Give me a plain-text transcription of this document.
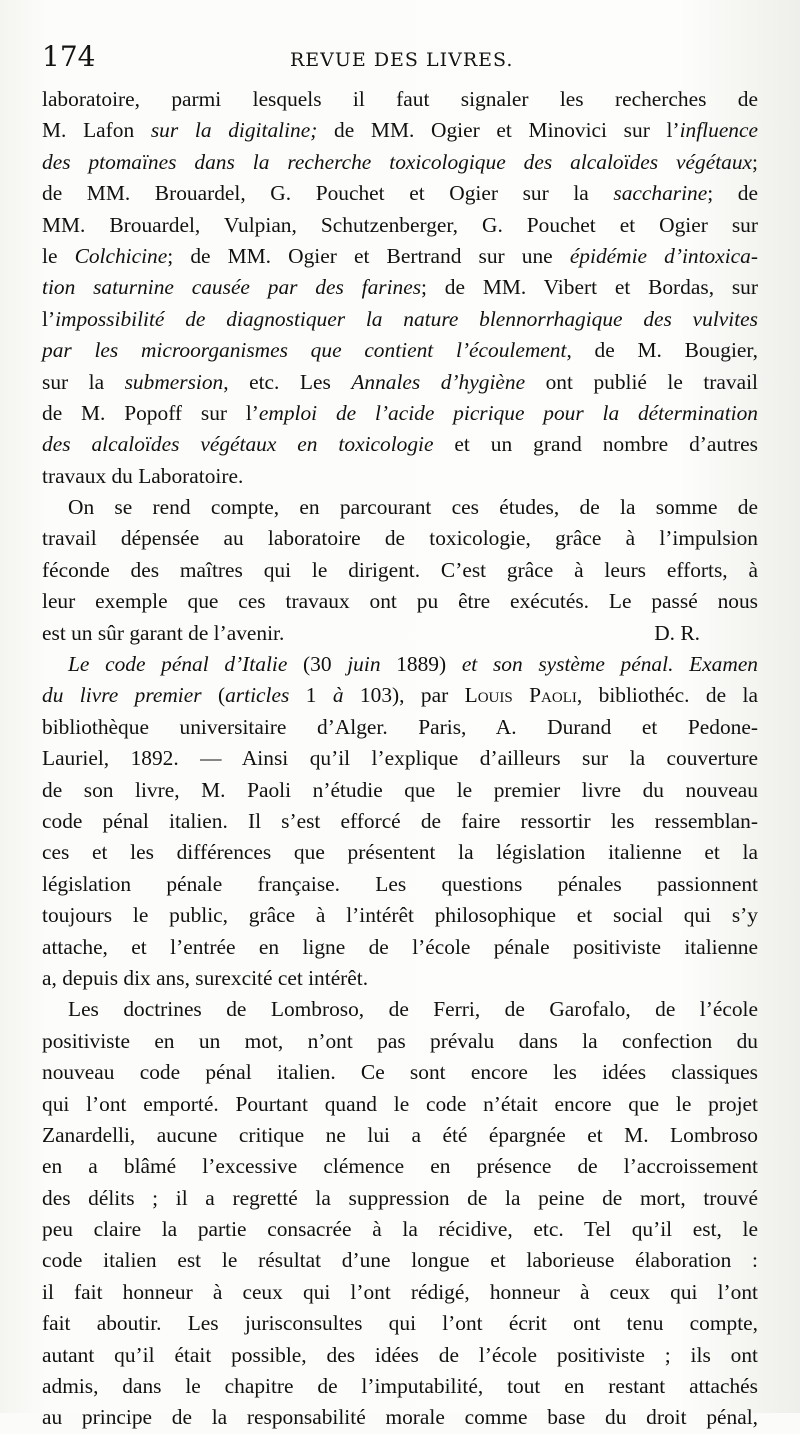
174	REVUE DES LIVRES.
laboratoire, parmi lesquels il faut signaler les recherches de
M. Lafon sur la digitaline; de MM. Ogier et Minovici sur l’influence
des ptomaïnes dans la recherche toxicologique des alcaloïdes végétaux;
de MM. Brouardel, G. Pouchet et Ogier sur la saccharine; de
MM. Brouardel, Vulpian, Schutzenberger, G. Pouchet et Ogier sur
le Colchicine; de MM. Ogier et Bertrand sur une épidémie d’intoxica-
tion saturnine causée par des farines; de MM. Vibert et Bordas, sur
l’impossibilité de diagnostiquer la nature blennorrhagique des vulvites
par les microorganismes que contient l’écoulement, de M. Bougier,
sur la submersion, etc. Les Annales d’hygiène ont publié le travail
de M. Popoff sur l’emploi de l’acide picrique pour la détermination
des alcaloïdes végétaux en toxicologie et un grand nombre d’autres
travaux du Laboratoire.
On se rend compte, en parcourant ces études, de la somme de
travail dépensée au laboratoire de toxicologie, grâce à l’impulsion
féconde des maîtres qui le dirigent. C’est grâce à leurs efforts, à
leur exemple que ces travaux ont pu être exécutés. Le passé nous
est un sûr garant de l’avenir.	D. R.
Le code pénal d’Italie (30 juin 1889) et son système pénal. Examen
du livre premier (articles 1 à 103), par Louis Paoli, bibliothéc. de la
bibliothèque universitaire d’Alger. Paris, A. Durand et Pedone-
Lauriel, 1892. — Ainsi qu’il l’explique d’ailleurs sur la couverture
de son livre, M. Paoli n’étudie que le premier livre du nouveau
code pénal italien. Il s’est efforcé de faire ressortir les ressemblan-
ces et les différences que présentent la législation italienne et la
législation pénale française. Les questions pénales passionnent
toujours le public, grâce à l’intérêt philosophique et social qui s’y
attache, et l’entrée en ligne de l’école pénale positiviste italienne
a, depuis dix ans, surexcité cet intérêt.
Les doctrines de Lombroso, de Ferri, de Garofalo, de l’école
positiviste en un mot, n’ont pas prévalu dans la confection du
nouveau code pénal italien. Ce sont encore les idées classiques
qui l’ont emporté. Pourtant quand le code n’était encore que le projet
Zanardelli, aucune critique ne lui a été épargnée et M. Lombroso
en a blâmé l’excessive clémence en présence de l’accroissement
des délits ; il a regretté la suppression de la peine de mort, trouvé
peu claire la partie consacrée à la récidive, etc. Tel qu’il est, le
code italien est le résultat d’une longue et laborieuse élaboration :
il fait honneur à ceux qui l’ont rédigé, honneur à ceux qui l’ont
fait aboutir. Les jurisconsultes qui l’ont écrit ont tenu compte,
autant qu’il était possible, des idées de l’école positiviste ; ils ont
admis, dans le chapitre de l’imputabilité, tout en restant attachés
au principe de la responsabilité morale comme base du droit pénal,
